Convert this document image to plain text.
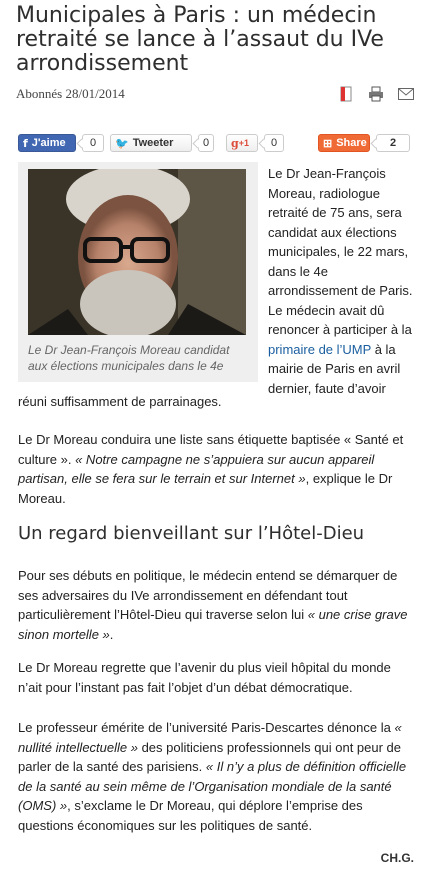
Municipales à Paris : un médecin retraité se lance à l’assaut du IVe arrondissement
Abonnés 28/01/2014
f J'aime	0	🐦 Tweeter	0	g +1	0	⊞ Share	2
Le Dr Jean-François Moreau candidat aux élections municipales dans le 4e
Le Dr Jean-François Moreau, radiologue retraité de 75 ans, sera candidat aux élections municipales, le 22 mars, dans le 4e arrondissement de Paris. Le médecin avait dû renoncer à participer à la primaire de l’UMP à la mairie de Paris en avril dernier, faute d’avoir
réuni suffisamment de parrainages.

Le Dr Moreau conduira une liste sans étiquette baptisée « Santé et culture ». « Notre campagne ne s’appuiera sur aucun appareil partisan, elle se fera sur le terrain et sur Internet », explique le Dr Moreau.

Un regard bienveillant sur l’Hôtel-Dieu

Pour ses débuts en politique, le médecin entend se démarquer de ses adversaires du IVe arrondissement en défendant tout particulièrement l’Hôtel-Dieu qui traverse selon lui « une crise grave sinon mortelle ».

Le Dr Moreau regrette que l’avenir du plus vieil hôpital du monde n’ait pour l’instant pas fait l’objet d’un débat démocratique.

Le professeur émérite de l’université Paris-Descartes dénonce la « nullité intellectuelle » des politiciens professionnels qui ont peur de parler de la santé des parisiens. « Il n’y a plus de définition officielle de la santé au sein même de l’Organisation mondiale de la santé (OMS) », s’exclame le Dr Moreau, qui déplore l’emprise des questions économiques sur les politiques de santé.

CH.G.
